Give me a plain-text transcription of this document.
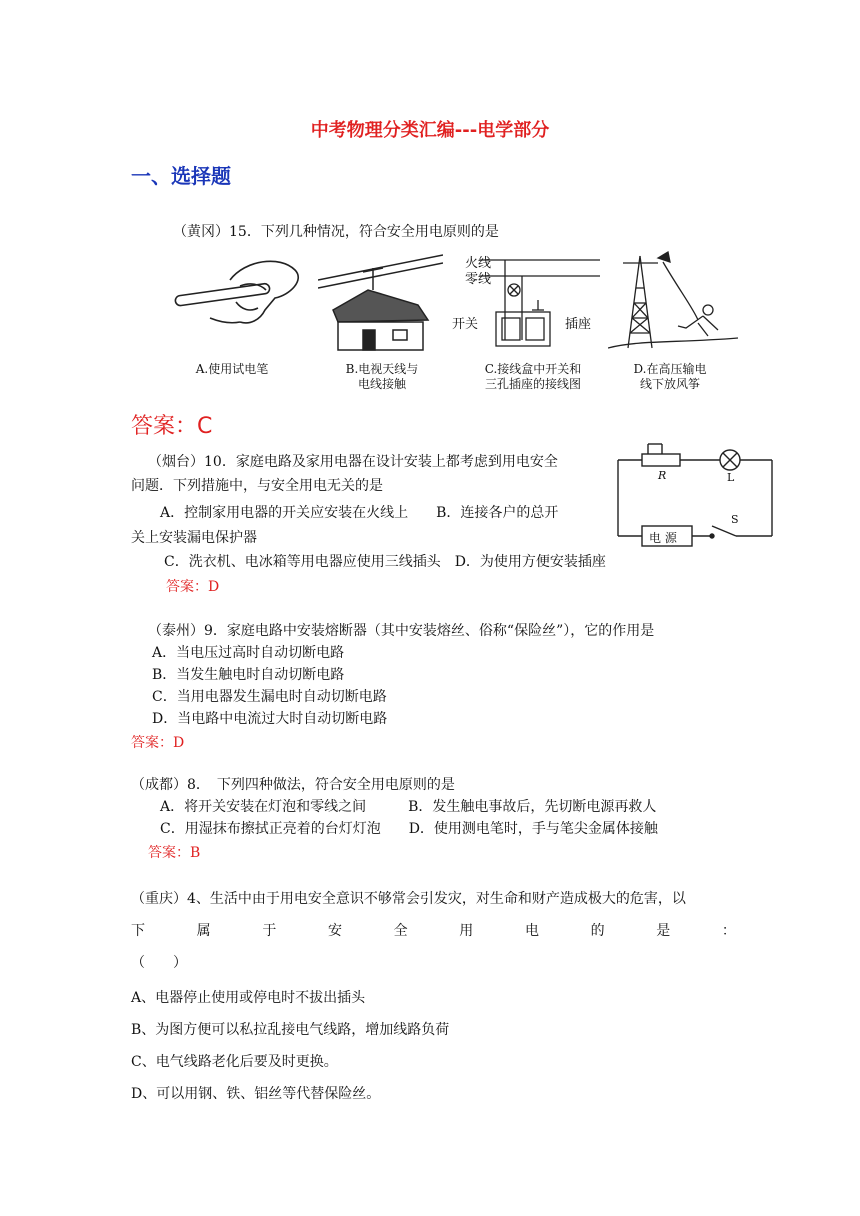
中考物理分类汇编---电学部分
一、选择题
（黄冈）15．下列几种情况，符合安全用电原则的是
A.使用试电笔	B.电视天线与
电线接触
火线
零线
开关	插座
C.接线盒中开关和
三孔插座的接线图
D.在高压输电
线下放风筝
答案：C
（烟台）10．家庭电路及家用电器在设计安装上都考虑到用电安全
问题．下列措施中，与安全用电无关的是
A．控制家用电器的开关应安装在火线上　　B．连接各户的总开
关上安装漏电保护器
C．洗衣机、电冰箱等用电器应使用三线插头　D．为使用方便安装插座
答案：D
R	L
S
电 源
（泰州）9．家庭电路中安装熔断器（其中安装熔丝、俗称“保险丝”），它的作用是
A．当电压过高时自动切断电路
B．当发生触电时自动切断电路
C．当用电器发生漏电时自动切断电路
D．当电路中电流过大时自动切断电路
答案：D
（成都）8．　下列四种做法，符合安全用电原则的是
A．将开关安装在灯泡和零线之间　　　B．发生触电事故后，先切断电源再救人
C．用湿抹布擦拭正亮着的台灯灯泡　　D．使用测电笔时，手与笔尖金属体接触
答案：B
（重庆）4、生活中由于用电安全意识不够常会引发灾，对生命和财产造成极大的危害，以
下	属	于	安	全	用	电	的	是	：
（　　）
A、电器停止使用或停电时不拔出插头
B、为图方便可以私拉乱接电气线路，增加线路负荷
C、电气线路老化后要及时更换。
D、可以用钢、铁、铝丝等代替保险丝。
